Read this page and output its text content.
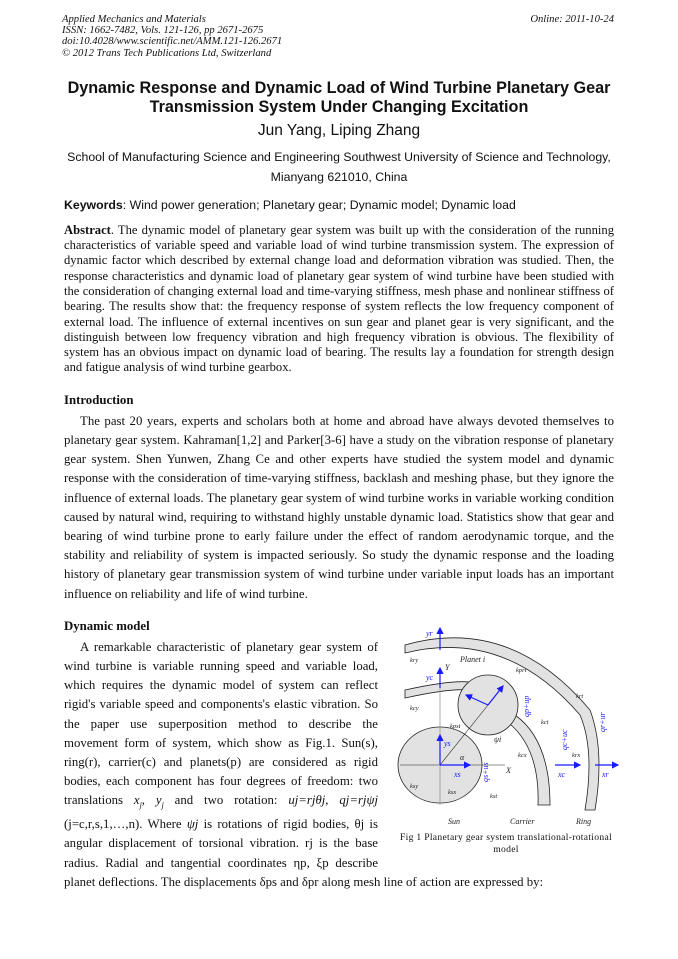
Applied Mechanics and Materials
ISSN: 1662-7482, Vols. 121-126, pp 2671-2675
doi:10.4028/www.scientific.net/AMM.121-126.2671
© 2012 Trans Tech Publications Ltd, Switzerland
Online: 2011-10-24
Dynamic Response and Dynamic Load of Wind Turbine Planetary Gear Transmission System Under Changing Excitation
Jun Yang, Liping Zhang
School of Manufacturing Science and Engineering Southwest University of Science and Technology, Mianyang 621010, China
Keywords: Wind power generation; Planetary gear; Dynamic model; Dynamic load
Abstract. The dynamic model of planetary gear system was built up with the consideration of the running characteristics of variable speed and variable load of wind turbine transmission system. The expression of dynamic factor which described by external change load and deformation vibration was studied. Then, the response characteristics and dynamic load of planetary gear system of wind turbine have been studied with the consideration of changing external load and time-varying stiffness, mesh phase and nonlinear stiffness of bearing. The results show that: the frequency response of system reflects the low frequency component of external load. The influence of external incentives on sun gear and planet gear is very significant, and the distinguish between low frequency vibration and high frequency vibration is obvious. The flexibility of system has an obvious impact on dynamic load of bearing. The results lay a foundation for strength design and fatigue analysis of wind turbine gearbox.
Introduction
The past 20 years, experts and scholars both at home and abroad have always devoted themselves to planetary gear system. Kahraman[1,2] and Parker[3-6] have a study on the vibration response of planetary gear system. Shen Yunwen, Zhang Ce and other experts have studied the system model and dynamic response with the consideration of time-varying stiffness, backlash and meshing phase, but they ignore the influence of external loads. The planetary gear system of wind turbine works in variable working condition caused by natural wind, requiring to withstand highly unstable dynamic load. Statistics show that gear and bearing of wind turbine prone to early failure under the effect of random aerodynamic torque, and the stability and reliability of system is impacted seriously. So study the dynamic response and the loading history of planetary gear transmission system of wind turbine under variable input loads has an important influence on reliability and life of wind turbine.
Dynamic model
ys
xs	xc	xr
yr
yc
qs+us
qc+uc
qr+ur
qp+up
Planet i
Sun	Carrier	Ring
X
Y
α
ψi
kpst
kprt
krt
kct
kcx	krx
kst
ksy
ksx
kry
kcy
Fig 1 Planetary gear system translational-rotational model
A remarkable characteristic of planetary gear system of wind turbine is variable running speed and variable load, which requires the dynamic model of system can reflect rigid's variable speed and components's elastic vibration. So the paper use superposition method to describe the movement form of system, which show as Fig.1. Sun(s), ring(r), carrier(c) and planets(p) are considered as rigid bodies, each component has four degrees of freedom: two translations $x_j$, $y_j$ and two rotation: uj=rjθj, qj=rjψj (j=c,r,s,1,…,n). Where ψj is rotations of rigid bodies, θj is angular displacement of torsional vibration. rj is the base radius. Radial and tangential coordinates ηp, ξp describe planet deflections. The displacements δps and δpr along mesh line of action are expressed by:
